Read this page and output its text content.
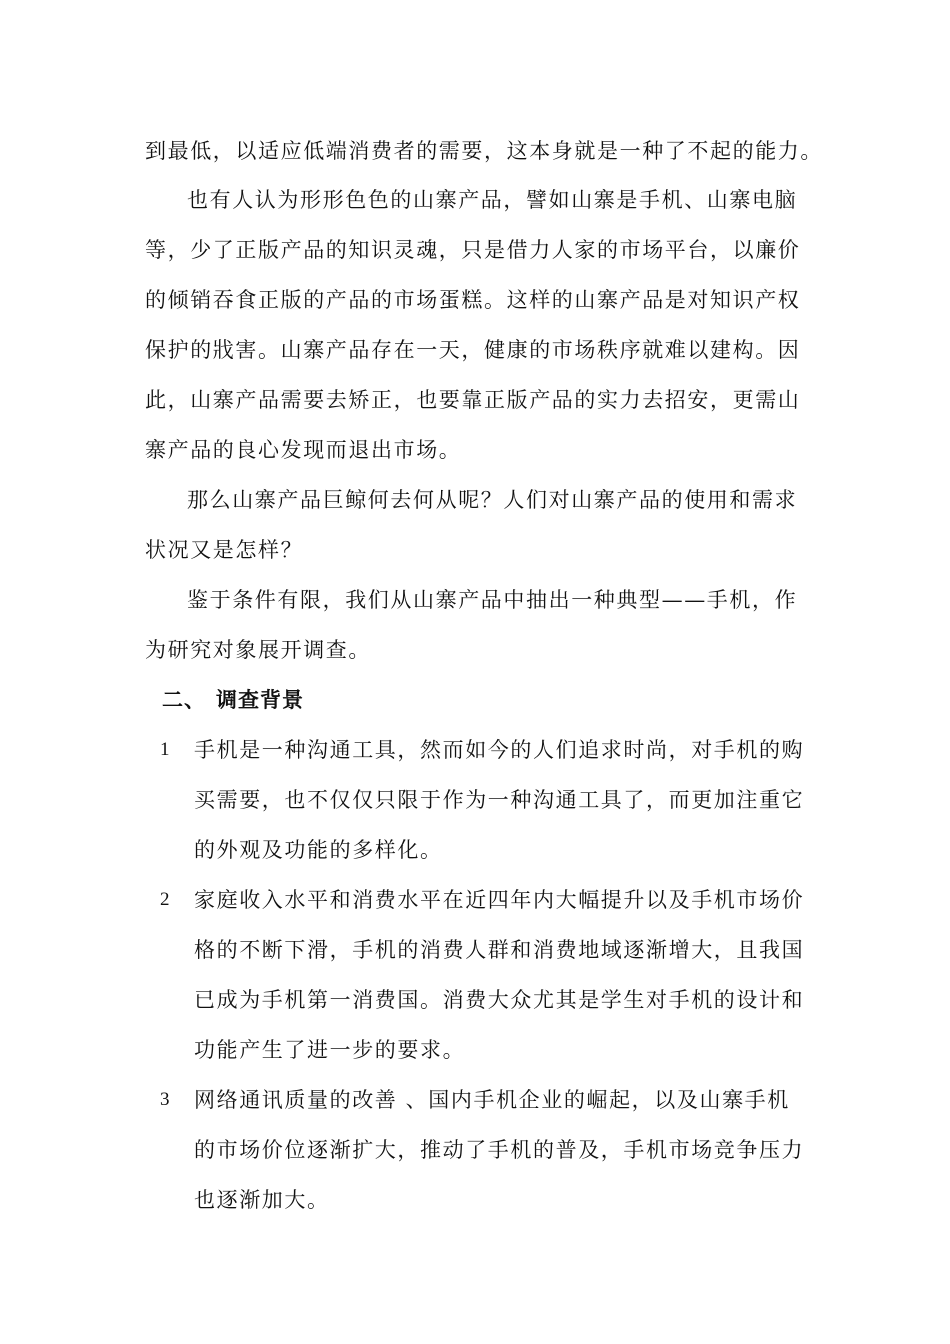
到最低，以适应低端消费者的需要，这本身就是一种了不起的能力。
也有人认为形形色色的山寨产品，譬如山寨是手机、山寨电脑
等，少了正版产品的知识灵魂，只是借力人家的市场平台，以廉价
的倾销吞食正版的产品的市场蛋糕。这样的山寨产品是对知识产权
保护的戕害。山寨产品存在一天，健康的市场秩序就难以建构。因
此，山寨产品需要去矫正，也要靠正版产品的实力去招安，更需山
寨产品的良心发现而退出市场。
那么山寨产品巨鲸何去何从呢？人们对山寨产品的使用和需求
状况又是怎样？
鉴于条件有限，我们从山寨产品中抽出一种典型——手机，作
为研究对象展开调查。
二、 调查背景
1 手机是一种沟通工具，然而如今的人们追求时尚，对手机的购
买需要，也不仅仅只限于作为一种沟通工具了，而更加注重它
的外观及功能的多样化。
2 家庭收入水平和消费水平在近四年内大幅提升以及手机市场价
格的不断下滑，手机的消费人群和消费地域逐渐增大，且我国
已成为手机第一消费国。消费大众尤其是学生对手机的设计和
功能产生了进一步的要求。
3 网络通讯质量的改善 、国内手机企业的崛起，以及山寨手机
的市场价位逐渐扩大，推动了手机的普及，手机市场竞争压力
也逐渐加大。
